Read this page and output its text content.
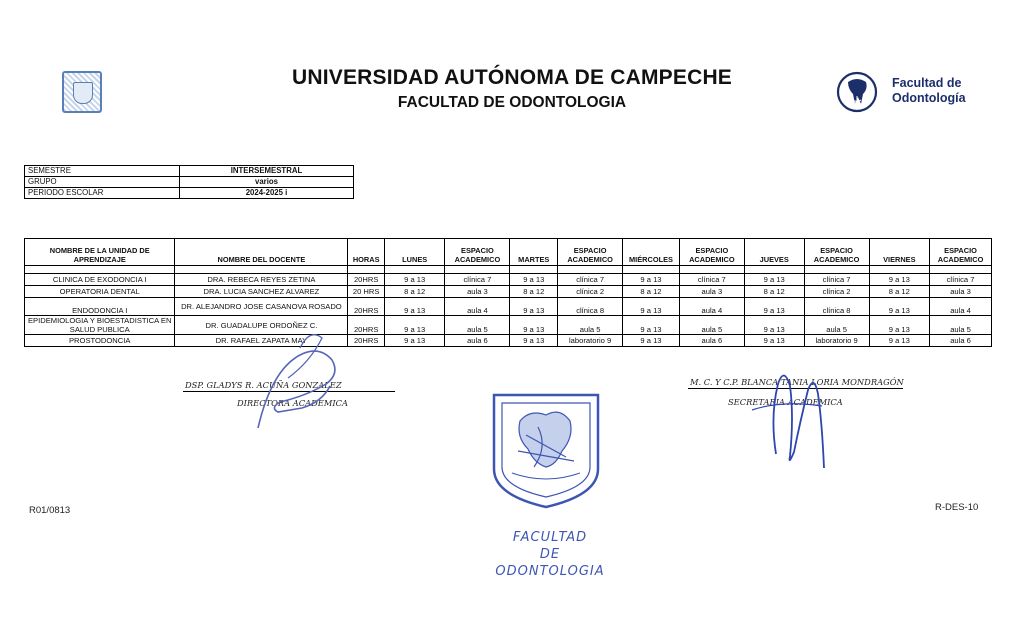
UNIVERSIDAD AUTÓNOMA DE CAMPECHE
FACULTAD DE ODONTOLOGIA
Facultad de
Odontología
SEMESTRE	INTERSEMESTRAL
GRUPO	varios
PERIODO ESCOLAR	2024-2025 i
NOMBRE DE LA UNIDAD DE APRENDIZAJE	NOMBRE DEL DOCENTE	HORAS	LUNES	ESPACIO ACADEMICO	MARTES	ESPACIO ACADEMICO	MIÉRCOLES	ESPACIO ACADEMICO	JUEVES	ESPACIO ACADEMICO	VIERNES	ESPACIO ACADEMICO

CLINICA DE EXODONCIA I	DRA. REBECA REYES ZETINA	20HRS	9 a 13	clínica 7	9 a 13	clínica 7	9 a 13	clínica 7	9 a 13	clínica 7	9 a 13	clínica 7
OPERATORIA DENTAL	DRA. LUCIA SANCHEZ ALVAREZ	20 HRS	8 a 12	aula 3	8 a 12	clínica 2	8 a 12	aula 3	8 a 12	clínica 2	8 a 12	aula 3
ENDODONCIA I	DR. ALEJANDRO JOSE CASANOVA ROSADO	20HRS	9 a 13	aula 4	9 a 13	clínica 8	9 a 13	aula 4	9 a 13	clínica 8	9 a 13	aula 4
EPIDEMIOLOGIA Y BIOESTADISTICA EN SALUD PUBLICA	DR. GUADALUPE ORDOÑEZ C.	20HRS	9 a 13	aula 5	9 a 13	aula 5	9 a 13	aula 5	9 a 13	aula 5	9 a 13	aula 5
PROSTODONCIA	DR. RAFAEL ZAPATA MAY	20HRS	9 a 13	aula 6	9 a 13	laboratorio 9	9 a 13	aula 6	9 a 13	laboratorio 9	9 a 13	aula 6
DSP. GLADYS R. ACUÑA GONZALEZ
DIRECTORA ACADEMICA
M. C. Y C.P. BLANCA TANIA LORIA MONDRAGÓN
SECRETARIA ACADEMICA
FACULTAD
DE
ODONTOLOGIA
R01/0813	R-DES-10
